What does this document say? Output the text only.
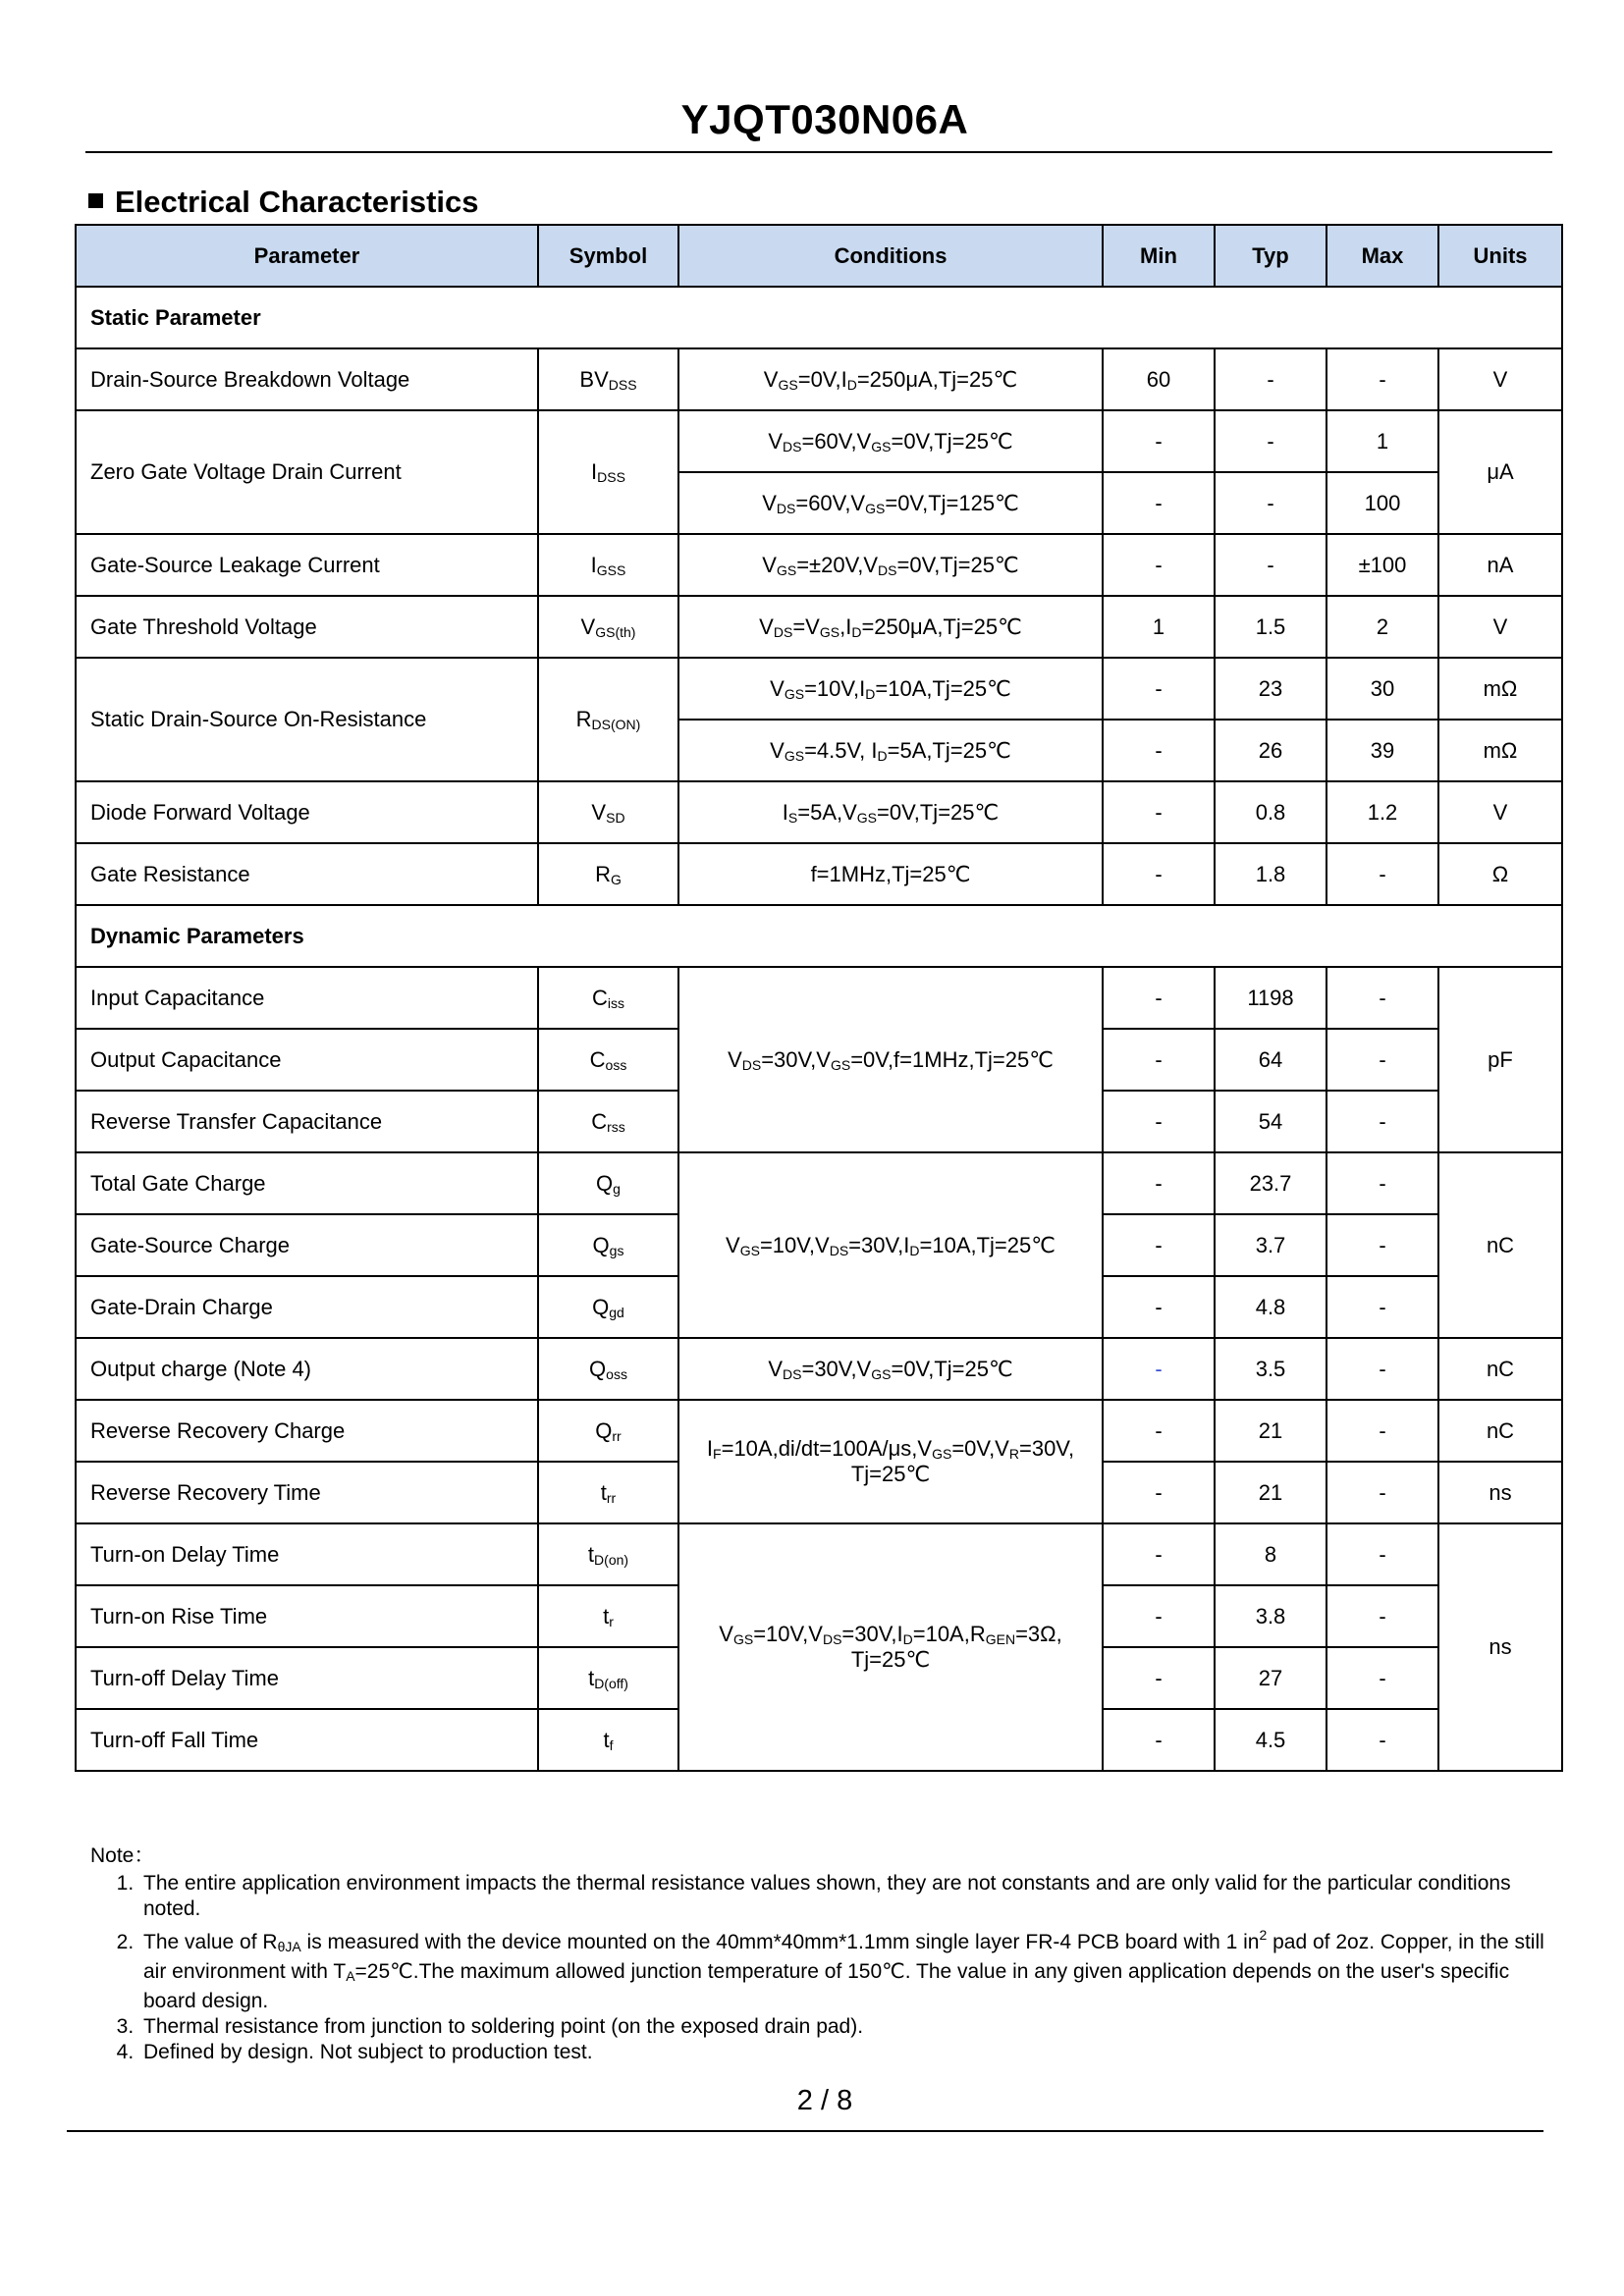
YJQT030N06A
Electrical Characteristics
Parameter	Symbol	Conditions	Min	Typ	Max	Units
Static Parameter						
Drain-Source Breakdown Voltage	$BV_{DSS}$	$V_{GS}=0V,I_D=250\mu A,Tj=25℃$	60	-	-	V
Zero Gate Voltage Drain Current	$I_{DSS}$	$V_{DS}=60V,V_{GS}=0V,Tj=25℃$	-	-	1	μA
		$V_{DS}=60V,V_{GS}=0V,Tj=125℃$	-	-	100	
Gate-Source Leakage Current	$I_{GSS}$	$V_{GS}=\pm 20V,V_{DS}=0V,Tj=25℃$	-	-	±100	nA
Gate Threshold Voltage	$V_{GS(th)}$	$V_{DS}=V_{GS},I_D=250\mu A,Tj=25℃$	1	1.5	2	V
Static Drain-Source On-Resistance	$R_{DS(ON)}$	$V_{GS}=10V,I_D=10A,Tj=25℃$	-	23	30	mΩ
		$V_{GS}=4.5V$, $I_D=5A,Tj=25℃$	-	26	39	mΩ
Diode Forward Voltage	$V_{SD}$	$I_S=5A,V_{GS}=0V,Tj=25℃$	-	0.8	1.2	V
Gate Resistance	$R_G$	f=1MHz,Tj=25℃	-	1.8	-	Ω
Dynamic Parameters						
Input Capacitance	$C_{iss}$	$V_{DS}=30V,V_{GS}=0V,f=1MHz,Tj=25℃$	-	1198	-	pF
Output Capacitance	$C_{oss}$		-	64	-	
Reverse Transfer Capacitance	$C_{rss}$		-	54	-	
Total Gate Charge	$Q_g$	$V_{GS}=10V,V_{DS}=30V,I_D=10A,Tj=25℃$	-	23.7	-	nC
Gate-Source Charge	$Q_{gs}$		-	3.7	-	
Gate-Drain Charge	$Q_{gd}$		-	4.8	-	
Output charge (Note 4)	$Q_{oss}$	$V_{DS}=30V,V_{GS}=0V,Tj=25℃$	-	3.5	-	nC
Reverse Recovery Charge	$Q_{rr}$	$I_F=10A,di/dt=100A/\mu s,V_{GS}=0V,V_R=30V$,
Tj=25℃	-	21	-	nC
Reverse Recovery Time	$t_{rr}$		-	21	-	ns
Turn-on Delay Time	$t_{D(on)}$	$V_{GS}=10V,V_{DS}=30V,I_D=10A,R_{GEN}=3\Omega$,
Tj=25℃	-	8	-	ns
Turn-on Rise Time	$t_r$		-	3.8	-	
Turn-off Delay Time	$t_{D(off)}$		-	27	-	
Turn-off Fall Time	$t_f$		-	4.5	-	
Note：
1. The entire application environment impacts the thermal resistance values shown, they are not constants and are only valid for the particular conditions noted.
2. The value of $R_{\theta JA}$ is measured with the device mounted on the 40mm*40mm*1.1mm single layer FR-4 PCB board with 1 $in^2$ pad of 2oz. Copper, in the still air environment with $T_A=25℃.The$ maximum allowed junction temperature of 150℃. The value in any given application depends on the user's specific board design.
3. Thermal resistance from junction to soldering point (on the exposed drain pad).
4. Defined by design. Not subject to production test.
2 / 8
